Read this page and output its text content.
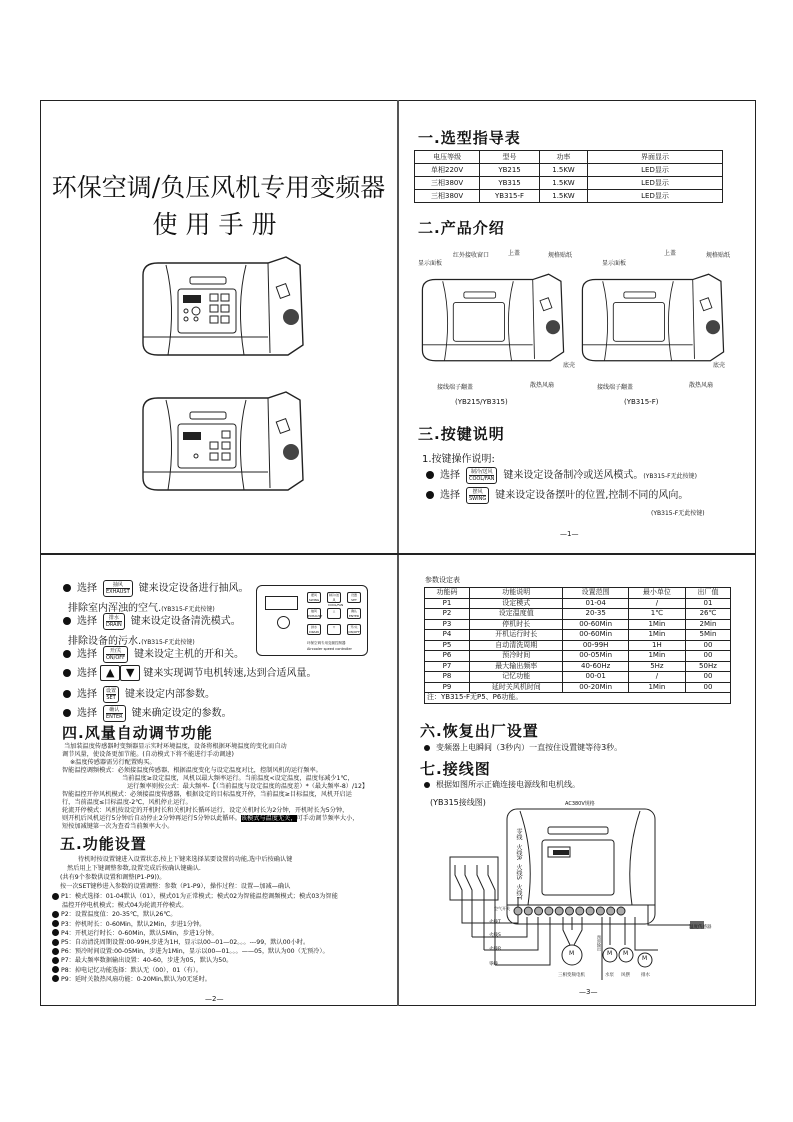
环保空调/负压风机专用变频器
使用手册
一.选型指导表
电压等级	型号	功率	界面显示
单相220V	YB215	1.5KW	LED显示
三相380V	YB315	1.5KW	LED显示
三相380V	YB315-F	1.5KW	LED显示
二.产品介绍
显示面板
红外接收窗口	上盖	规格贴纸
底壳
散热风扇
接线端子翻盖
(YB215/YB315)
显示面板
上盖	规格贴纸
底壳
散热风扇
接线端子翻盖
(YB315-F)
三.按键说明
1.按键操作说明:
选择	制冷/送风
COOL/FAN 键来设定设备制冷或送风模式。(YB315-F无此按键)
选择	摆风
SWING 键来设定设备摆叶的位置,控制不同的风向。
(YB315-F无此按键)
—1—
选择	抽风
EXHAUST 键来设定设备进行抽风。
排除室内浑浊的空气.(YB315-F无此按键)
选择	排水
DRAIN 键来设定设备清洗模式。
排除设备的污水.(YB315-F无此按键)
选择	开/关
ON/OFF 键来设定主机的开和关。
选择 ▲ ▼ 键来实现调节电机转速,达到合适风量。
选择 设置
SET 键来设定内部参数。
选择	确认
ENTER 键来确定设定的参数。
摆风
SWING
制冷/送风
COOL/FAN
设置
SET
抽风
EXHAUST
△	确认
ENTER
排水
DRAIN
▽	开/关
ON/OFF
环保空调专用变频控制器
Aircooler speed controller
四.风量自动调节功能
当加装温度传感器时变频器显示实时环境温度，设备将根据环境温度的变化而自动
调节风量，使设备更加节能。(自动模式下将不能进行手动调速)
※温度传感器需另行配置购买。
智能温控调频模式：必须接温度传感器，根据温度变化与设定温度对比，控制风机的运行频率。
当前温度≥设定温度，风机以最大频率运行。当前温度<设定温度，温度每减少1℃，
运行频率则按公式：最大频率-【（当前温度与设定温度的温度差）*（最大频率-8）/12】
智能温控开停风机模式：必须接温度传感器，根据设定的目标温度开停，当前温度≥目标温度，风机开启运
行，当前温度≤目标温度-2℃，风机停止运行。
轮流开停模式：风机按设定的开机时长和关机时长循环运行，设定关机时长为2分钟，开机时长为5分钟，
则开机后风机运行5分钟后自动停止2分钟再运行5分钟以此循环。该模式与温度无关，可手动调节频率大小，
短按加减键第一次为查看当前频率大小。
五.功能设置
待机时按设置键进入设置状态,按上下键来选择某要设置的功能,选中后按确认键
然后用上下键调整参数,设置完成后按确认键确认.
(共有9个参数供设置和调整(P1-P9))。
按一次SET键秒进入参数的设置调整：参数（P1-P9），操作过程：设置—加减—确认
P1：模式选择：01-04默认（01），模式01为正常模式；模式02为智能温控调频模式；模式03为智能
温控开停电机模式；模式04为轮流开停模式。
P2：设置温度值：20-35℃，默认26℃。
P3：停机时长：0-60Min，默认2Min，步进1分钟。
P4：开机运行时长：0-60Min，默认5Min，步进1分钟。
P5：自动清洗周期设置:00-99H,步进为1H，显示以00--01—02。。。---99，默认00小时。
P6：预冷时间设置:00-05Min，步进为1Min，显示以00—01。。。——05，默认为00（无预冷）。
P7：最大频率数据输出设置：40-60，步进为05，默认为50。
P8：掉电记忆功能选择：默认无（00），01（有）。
P9：延时关散热风扇功能：0-20Min,默认为0无延时。
—2—
参数设定表
功能码	功能说明	设置范围	最小单位	出厂值
P1	设定模式	01-04	/	01
P2	设定温度值	20-35	1℃	26℃
P3	停机时长	00-60Min	1Min	2Min
P4	开机运行时长	00-60Min	1Min	5Min
P5	自动清洗周期	00-99H	1H	00
P6	预冷时间	00-05Min	1Min	00
P7	最大输出频率	40-60Hz	5Hz	50Hz
P8	记忆功能	00-01	/	00
P9	延时关风机时间	00-20Min	1Min	00
注：YB315-F无P5、P6功能。				
六.恢复出厂设置
变频器上电瞬间（3秒内）一直按住设置键等待3秒。
七.接线图
根据如图所示正确连接电源线和电机线。
(YB315接线图)	AC380V规格
零线
火线R
火线S
火线T
温度传感器
空气开关
火线T
火线S
火线R
零线
M	M M
M
三相变频电机	水泵 风摆 排水
预留输出
—3—
